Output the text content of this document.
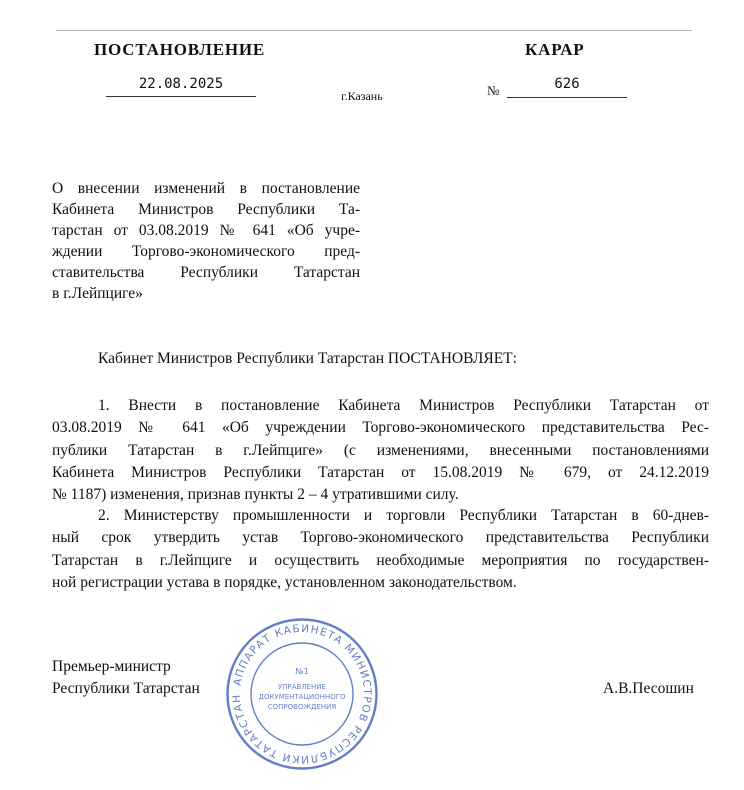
ПОСТАНОВЛЕНИЕ	КАРАР
22.08.2025
г.Казань	№	626

О внесении изменений в постановление
Кабинета Министров Республики Та-
тарстан от 03.08.2019 № 641 «Об учре-
ждении Торгово-экономического пред-
ставительства Республики Татарстан
в г.Лейпциге»

Кабинет Министров Республики Татарстан ПОСТАНОВЛЯЕТ:

1. Внести в постановление Кабинета Министров Республики Татарстан от
03.08.2019 № 641 «Об учреждении Торгово-экономического представительства Рес-
публики Татарстан в г.Лейпциге» (с изменениями, внесенными постановлениями
Кабинета Министров Республики Татарстан от 15.08.2019 № 679, от 24.12.2019
№ 1187) изменения, признав пункты 2 – 4 утратившими силу.

2. Министерству промышленности и торговли Республики Татарстан в 60-днев-
ный срок утвердить устав Торгово-экономического представительства Республики
Татарстан в г.Лейпциге и осуществить необходимые мероприятия по государствен-
ной регистрации устава в порядке, установленном законодательством.

Премьер-министр
Республики Татарстан	А.В.Песошин

АППАРАТ КАБИНЕТА МИНИСТРОВ РЕСПУБЛИКИ ТАТАРСТАН
№1
УПРАВЛЕНИЕ
ДОКУМЕНТАЦИОННОГО
СОПРОВОЖДЕНИЯ
